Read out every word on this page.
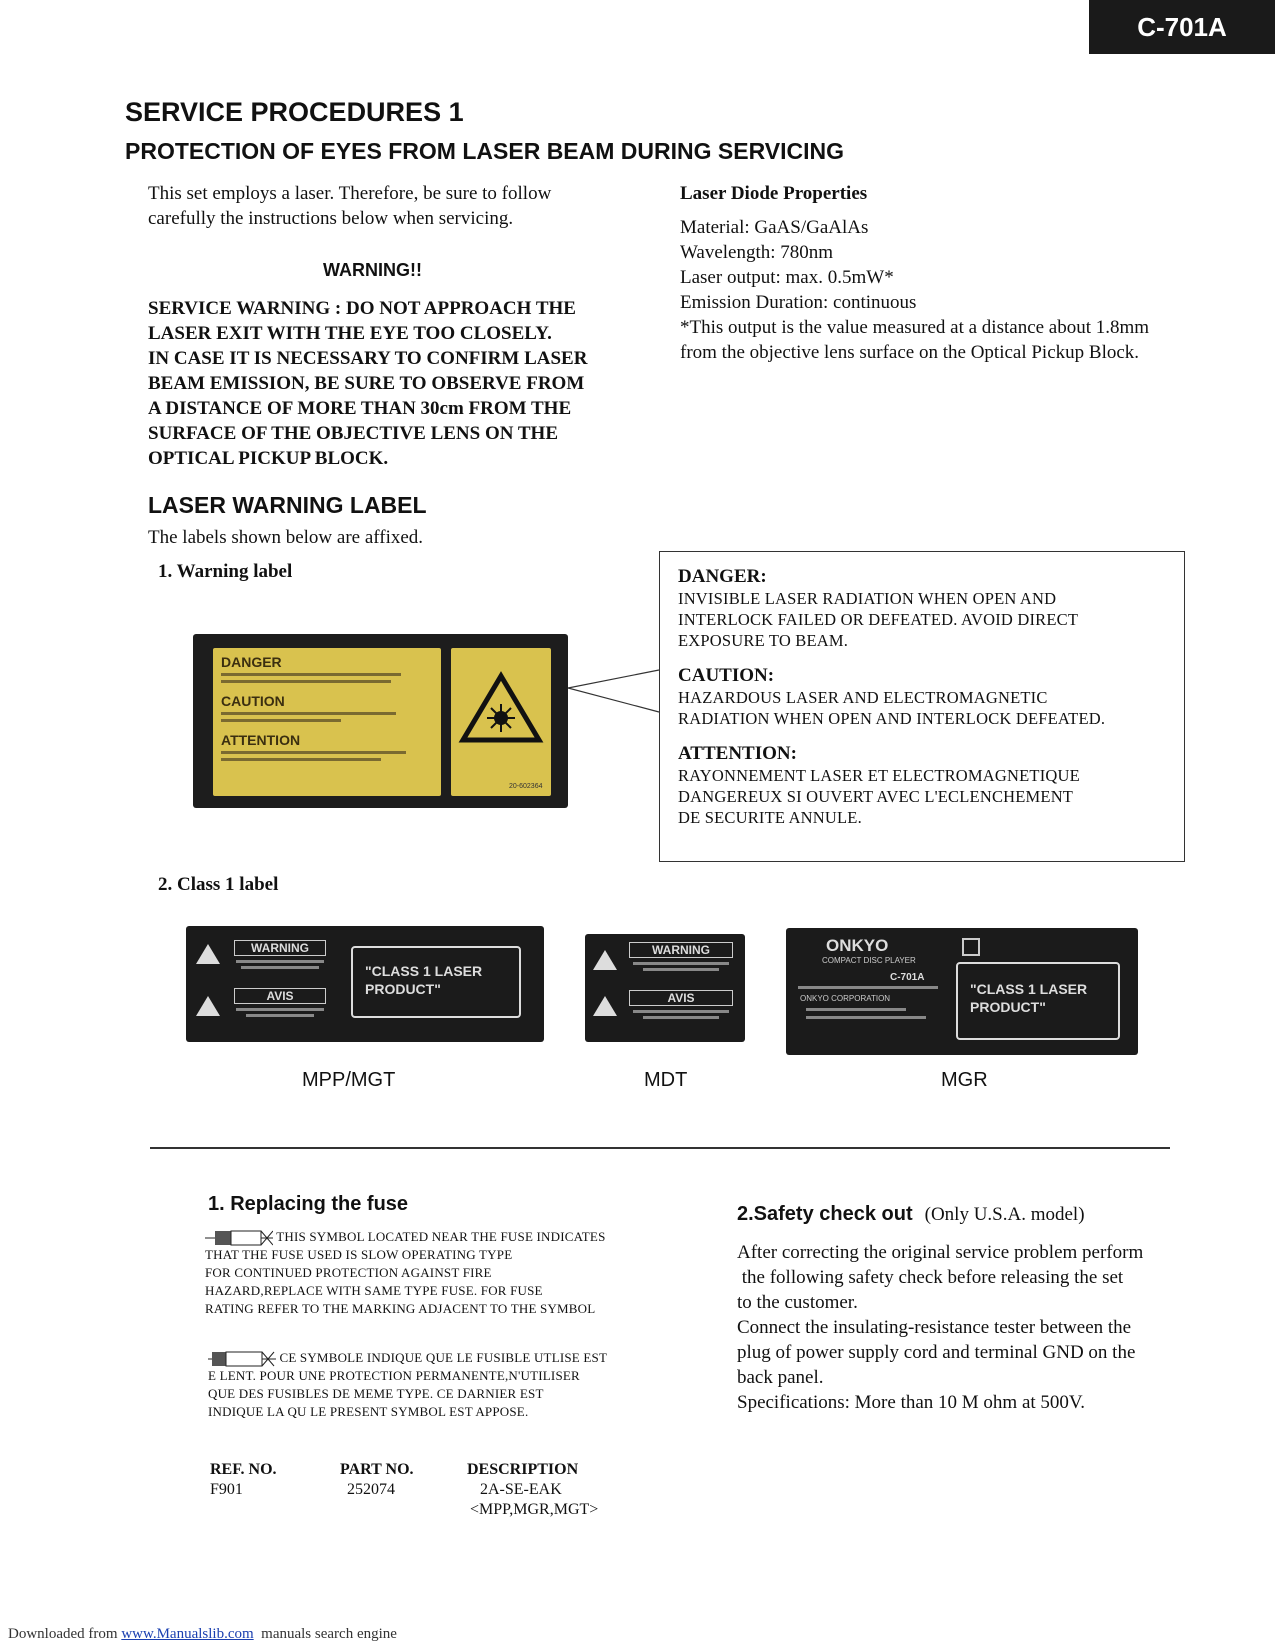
C-701A
SERVICE PROCEDURES 1
PROTECTION OF EYES FROM LASER BEAM DURING SERVICING
This set employs a laser. Therefore, be sure to follow
carefully the instructions below when servicing.
WARNING!!
SERVICE WARNING : DO NOT APPROACH THE
LASER EXIT WITH THE EYE TOO CLOSELY.
IN CASE IT IS NECESSARY TO CONFIRM LASER
BEAM EMISSION, BE SURE TO OBSERVE FROM
A DISTANCE OF MORE THAN 30cm FROM THE
SURFACE OF THE OBJECTIVE LENS ON THE
OPTICAL PICKUP BLOCK.
Laser Diode Properties
Material: GaAS/GaAlAs
Wavelength: 780nm
Laser output: max. 0.5mW*
Emission Duration: continuous
*This output is the value measured at a distance about 1.8mm
from the objective lens surface on the Optical Pickup Block.
LASER WARNING LABEL
The labels shown below are affixed.
1. Warning label
DANGER
CAUTION
ATTENTION
20-602364
DANGER:
INVISIBLE LASER RADIATION WHEN OPEN AND
INTERLOCK FAILED OR DEFEATED. AVOID DIRECT
EXPOSURE TO BEAM.
CAUTION:
HAZARDOUS LASER AND ELECTROMAGNETIC
RADIATION WHEN OPEN AND INTERLOCK DEFEATED.
ATTENTION:
RAYONNEMENT LASER ET ELECTROMAGNETIQUE
DANGEREUX SI OUVERT AVEC L'ECLENCHEMENT
DE SECURITE ANNULE.
2. Class 1 label
WARNING
AVIS
"CLASS 1 LASER PRODUCT"
MPP/MGT
WARNING
AVIS
MDT
ONKYO
COMPACT DISC PLAYER
C-701A
ONKYO CORPORATION
"CLASS 1 LASER PRODUCT"
MGR
1. Replacing the fuse
THIS SYMBOL LOCATED NEAR THE FUSE INDICATES
THAT THE FUSE USED IS SLOW OPERATING TYPE
FOR CONTINUED PROTECTION AGAINST FIRE
HAZARD,REPLACE WITH SAME TYPE FUSE. FOR FUSE
RATING REFER TO THE MARKING ADJACENT TO THE SYMBOL
CE SYMBOLE INDIQUE QUE LE FUSIBLE UTLISE EST
E LENT. POUR UNE PROTECTION PERMANENTE,N'UTILISER
QUE DES FUSIBLES DE MEME TYPE. CE DARNIER EST
INDIQUE LA QU LE PRESENT SYMBOL EST APPOSE.
REF. NO.	PART NO.	DESCRIPTION
F901	252074	2A-SE-EAK
<MPP,MGR,MGT>
2.Safety check out (Only U.S.A. model)
After correcting the original service problem perform
the following safety check before releasing the set
to the customer.
Connect the insulating-resistance tester between the
plug of power supply cord and terminal GND on the
back panel.
Specifications: More than 10 M ohm at 500V.
Downloaded from www.Manualslib.com  manuals search engine
